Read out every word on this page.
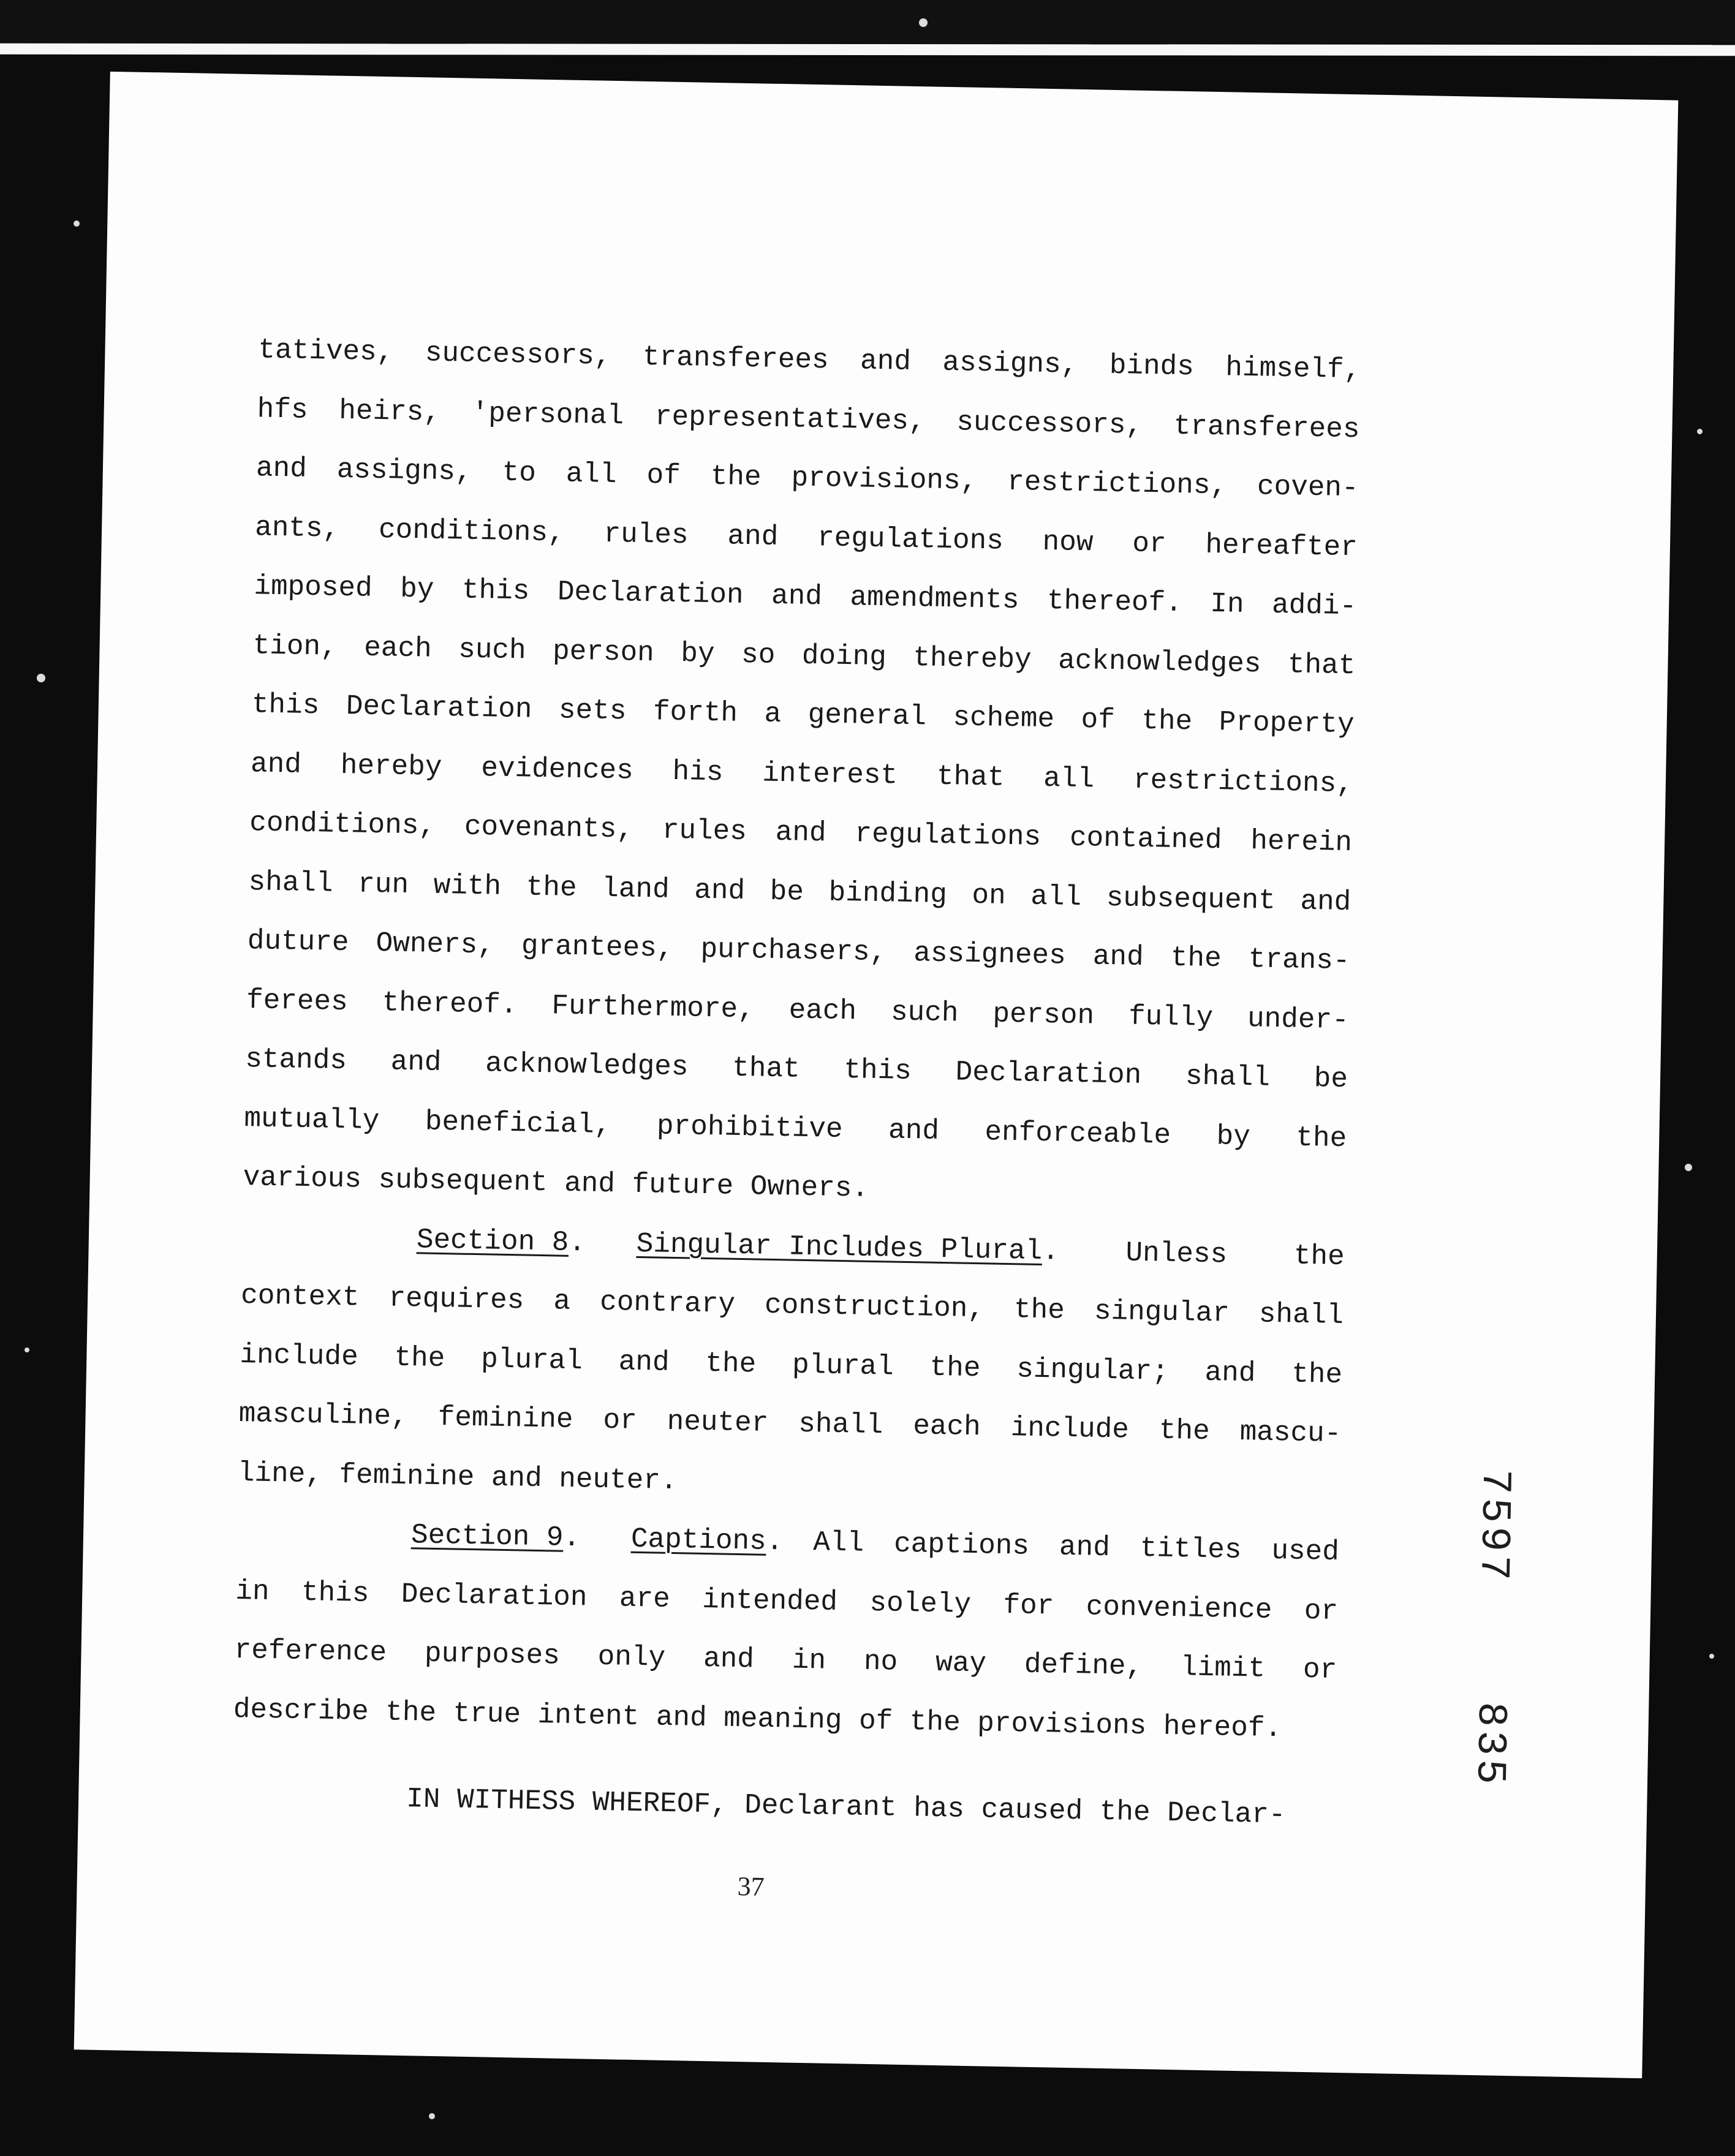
tatives, successors, transferees and assigns, binds himself,
hfs heirs, 'personal representatives, successors, transferees
and assigns, to all of the provisions, restrictions, coven-
ants, conditions, rules and regulations now or hereafter
imposed by this Declaration and amendments thereof. In addi-
tion, each such person by so doing thereby acknowledges that
this Declaration sets forth a general scheme of the Property
and hereby evidences his interest that all restrictions,
conditions, covenants, rules and regulations contained herein
shall run with the land and be binding on all subsequent and
duture Owners, grantees, purchasers, assignees and the trans-
ferees thereof. Furthermore, each such person fully under-
stands and acknowledges that this Declaration shall be
mutually beneficial, prohibitive and enforceable by the
various subsequent and future Owners.
Section 8.   Singular Includes Plural. Unless the
context requires a contrary construction, the singular shall
include the plural and the plural the singular; and the
masculine, feminine or neuter shall each include the mascu-
line, feminine and neuter.
Section 9.   Captions. All captions and titles used
in this Declaration are intended solely for convenience or
reference purposes only and in no way define, limit or
describe the true intent and meaning of the provisions hereof.
IN WITHESS WHEREOF, Declarant has caused the Declar-
37
7597
835
